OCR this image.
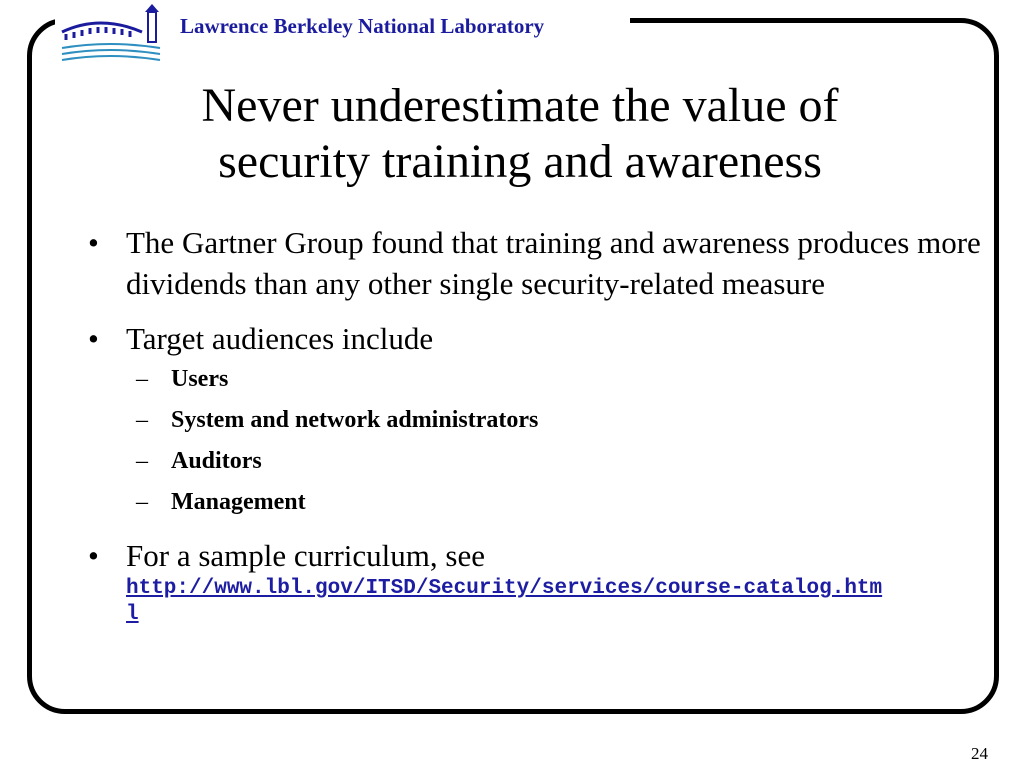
Lawrence Berkeley National Laboratory
Never underestimate the value of
security training and awareness
• The Gartner Group found that training and awareness produces more dividends than any other single security-related measure
• Target audiences include
– Users
– System and network administrators
– Auditors
– Management
• For a sample curriculum, see
http://www.lbl.gov/ITSD/Security/services/course-catalog.html
24
